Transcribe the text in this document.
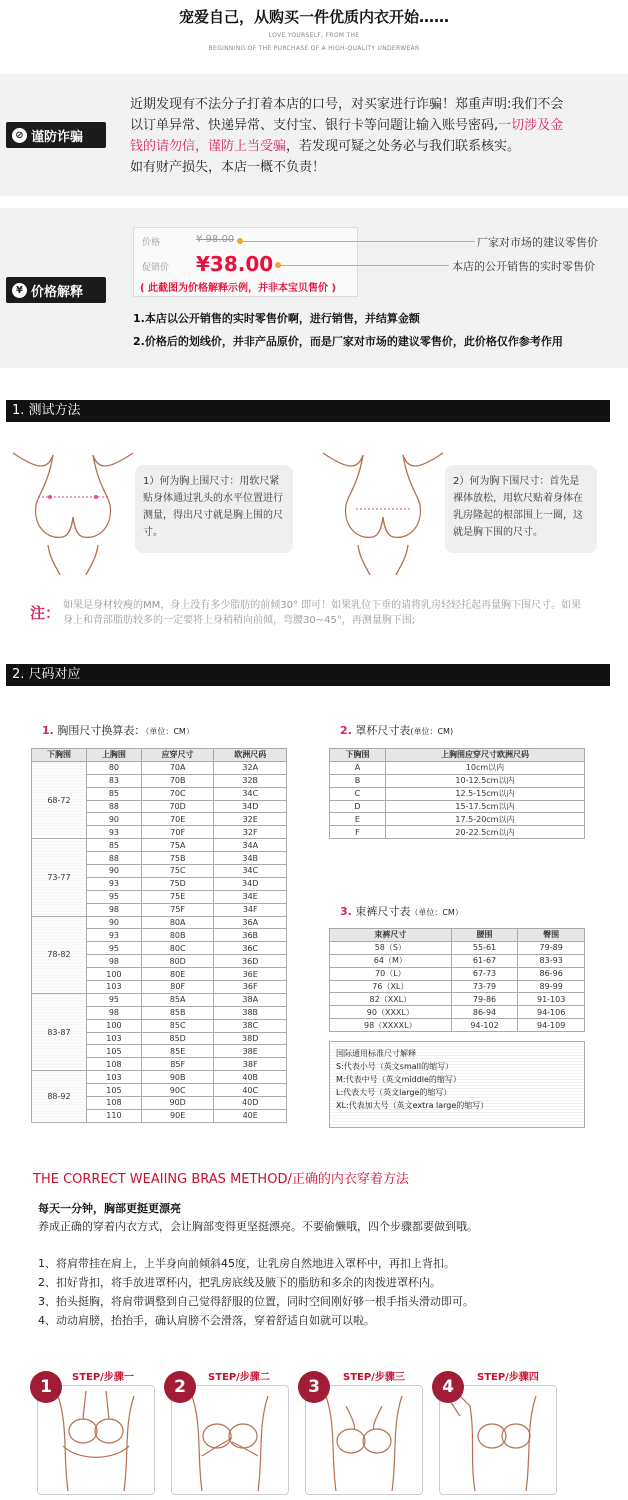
宠爱自己，从购买一件优质内衣开始……
LOVE YOURSELF, FROM THE
BEGINNING OF THE PURCHASE OF A HIGH-QUALITY UNDERWEAR
⊘ 谨防诈骗
近期发现有不法分子打着本店的口号，对买家进行诈骗！郑重声明:我们不会
以订单异常、快递异常、支付宝、银行卡等问题让输入账号密码,一切涉及金
钱的请勿信，谨防上当受骗，若发现可疑之处务必与我们联系核实。
如有财产损失，本店一概不负责！
¥ 价格解释
价格	¥ 98.00
促销价 ¥38.00
( 此截图为价格解释示例，并非本宝贝售价 )
厂家对市场的建议零售价
本店的公开销售的实时零售价
1.本店以公开销售的实时零售价啊，进行销售，并结算金额
2.价格后的划线价，并非产品原价，而是厂家对市场的建议零售价，此价格仅作参考作用
1. 测试方法
1）何为胸上围尺寸：用软尺紧贴身体通过乳头的水平位置进行测量，得出尺寸就是胸上围的尺寸。
2）何为胸下围尺寸：首先是裸体放松，用软尺贴着身体在乳房隆起的根部围上一圈，这就是胸下围的尺寸。
注： 如果是身材较瘦的MM，身上没有多少脂肪的前倾30° 即可！如果乳位下垂的请将乳房轻轻托起再量胸下围尺寸。如果身上和背部脂肪较多的一定要将上身稍稍向前倾，弯腰30~45°，再测量胸下围;
2. 尺码对应
1. 胸围尺寸换算表：（单位：CM）
下胸围	上胸围	应穿尺寸	欧洲尺码
68-72	80	70A	32A
	83	70B	32B
	85	70C	34C
	88	70D	34D
	90	70E	32E
	93	70F	32F
73-77	85	75A	34A
	88	75B	34B
	90	75C	34C
	93	75D	34D
	95	75E	34E
	98	75F	34F
78-82	90	80A	36A
	93	80B	36B
	95	80C	36C
	98	80D	36D
	100	80E	36E
	103	80F	36F
83-87	95	85A	38A
	98	85B	38B
	100	85C	38C
	103	85D	38D
	105	85E	38E
	108	85F	38F
88-92	103	90B	40B
	105	90C	40C
	108	90D	40D
	110	90E	40E
2. 罩杯尺寸表(单位：CM)
下胸围	上胸围应穿尺寸欧洲尺码
A	10cm以内
B	10-12.5cm以内
C	12.5-15cm以内
D	15-17.5cm以内
E	17.5-20cm以内
F	20-22.5cm以内
3. 束裤尺寸表（单位：CM）
束裤尺寸	腰围	臀围
58（S）	55-61	79-89
64（M）	61-67	83-93
70（L）	67-73	86-96
76（XL）	73-79	89-99
82（XXL）	79-86	91-103
90（XXXL）	86-94	94-106
98（XXXXL）	94-102	94-109
国际通用标准尺寸解释
S:代表小号（英文small的缩写）
M:代表中号（英文middle的缩写）
L:代表大号（英文large的缩写）
XL:代表加大号（英文extra large的缩写）
THE CORRECT WEAIING BRAS METHOD/正确的内衣穿着方法
每天一分钟，胸部更挺更漂亮
养成正确的穿着内衣方式，会让胸部变得更坚挺漂亮。不要偷懒哦，四个步骤都要做到哦。
1、将肩带挂在肩上，上半身向前倾斜45度，让乳房自然地进入罩杯中，再扣上背扣。
2、扣好背扣，将手放进罩杯内，把乳房底线及腋下的脂肪和多余的肉拨进罩杯内。
3、抬头挺胸，将肩带调整到自己觉得舒服的位置，同时空间刚好够一根手指头滑动即可。
4、动动肩膀，抬抬手，确认肩膀不会滑落，穿着舒适自如就可以啦。
1	STEP/步骤一	2	STEP/步骤二	3	STEP/步骤三	4	STEP/步骤四
